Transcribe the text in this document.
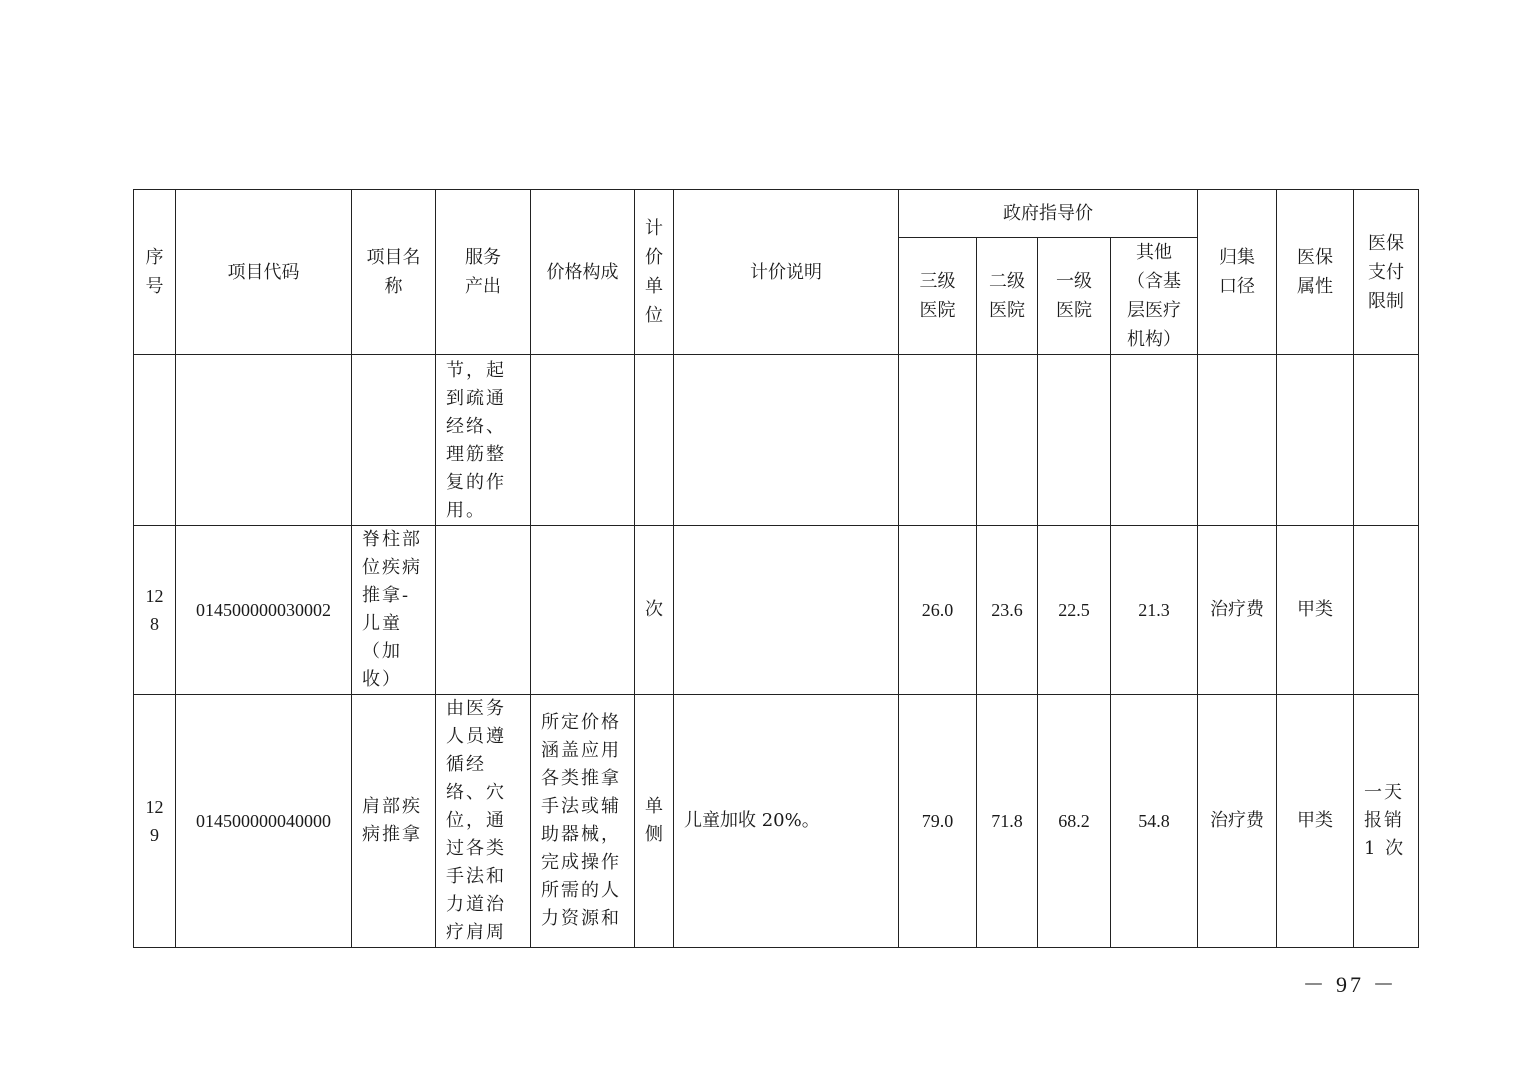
序号	项目代码	项目名称	服务产出	价格构成	计价单位	计价说明	政府指导价				归集口径	医保属性	医保支付限制
							三级医院	二级医院	一级医院	其他（含基层医疗机构）			
			节，起到疏通经络、理筋整复的作用。										
128	014500000030002	脊柱部位疾病推拿-儿童（加收）			次		26.0	23.6	22.5	21.3	治疗费	甲类	
129	014500000040000	肩部疾病推拿	由医务人员遵循经络、穴位，通过各类手法和力道治疗肩周	所定价格涵盖应用各类推拿手法或辅助器械，完成操作所需的人力资源和	单侧	儿童加收 20%。	79.0	71.8	68.2	54.8	治疗费	甲类	一天报销 1 次
－ 97 －
